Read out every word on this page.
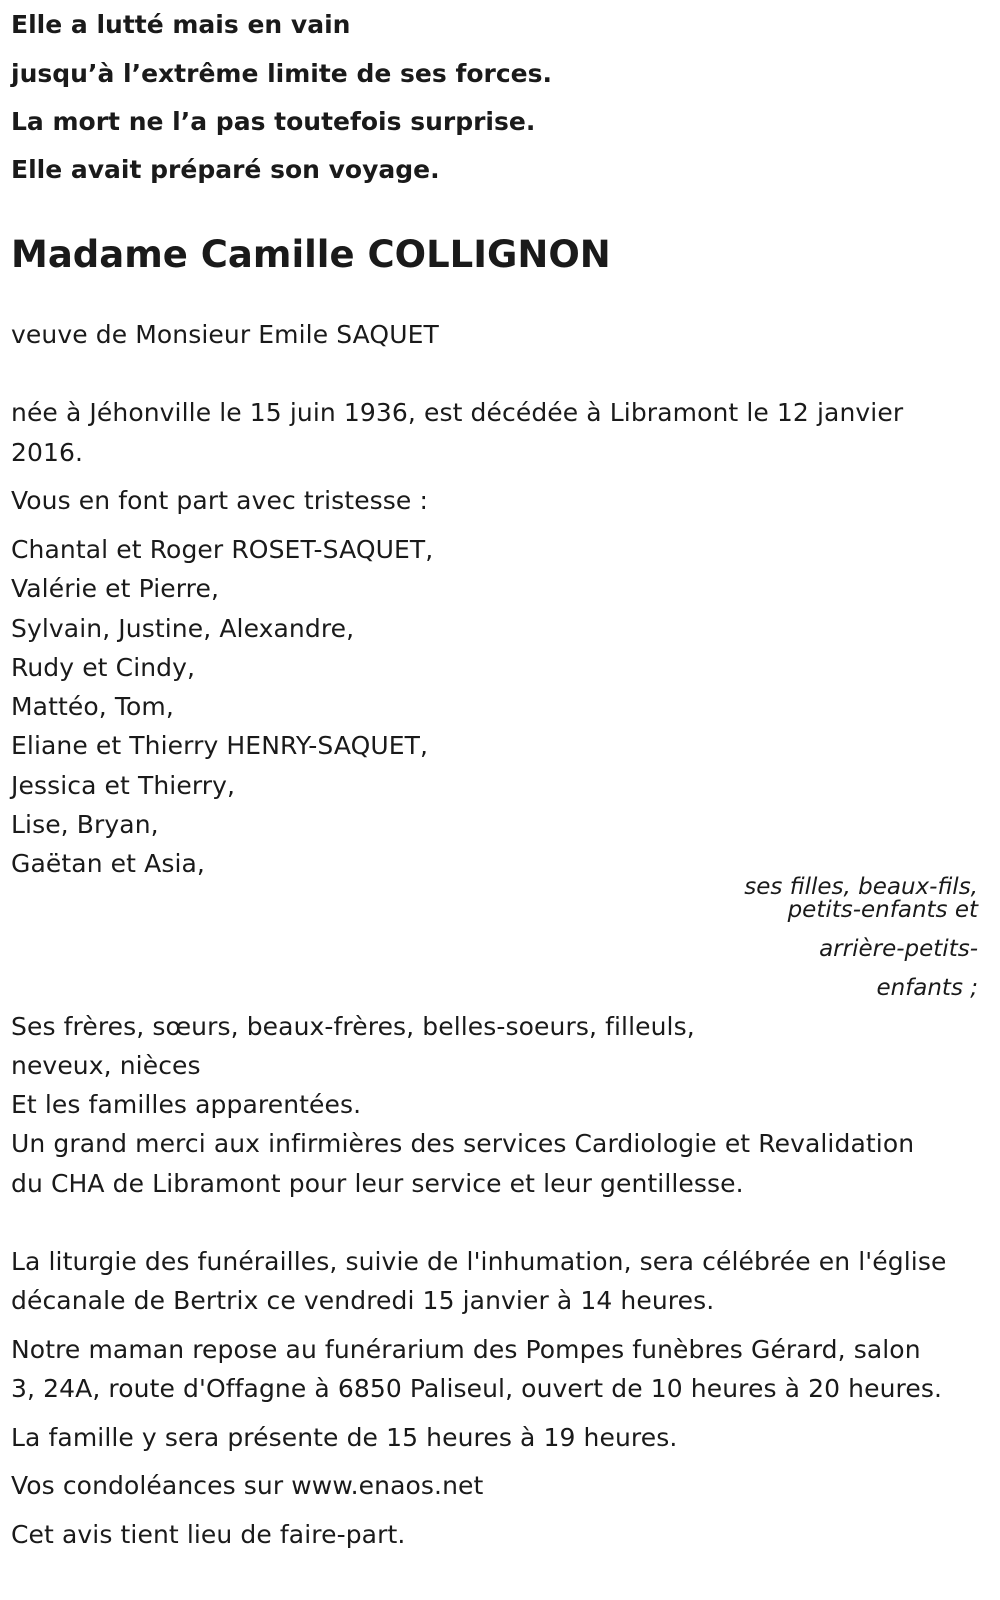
Elle a lutté mais en vain
jusqu’à l’extrême limite de ses forces.
La mort ne l’a pas toutefois surprise.
Elle avait préparé son voyage.
Madame Camille COLLIGNON
veuve de Monsieur Emile SAQUET
née à Jéhonville le 15 juin 1936, est décédée à Libramont le 12 janvier
2016.
Vous en font part avec tristesse :
Chantal et Roger ROSET-SAQUET,
Valérie et Pierre,
Sylvain, Justine, Alexandre,
Rudy et Cindy,
Mattéo, Tom,
Eliane et Thierry HENRY-SAQUET,
Jessica et Thierry,
Lise, Bryan,
Gaëtan et Asia,
ses filles, beaux-fils,
petits-enfants et
arrière-petits-
enfants ;
Ses frères, sœurs, beaux-frères, belles-soeurs, filleuls,
neveux, nièces
Et les familles apparentées.
Un grand merci aux infirmières des services Cardiologie et Revalidation
du CHA de Libramont pour leur service et leur gentillesse.
La liturgie des funérailles, suivie de l'inhumation, sera célébrée en l'église
décanale de Bertrix ce vendredi 15 janvier à 14 heures.
Notre maman repose au funérarium des Pompes funèbres Gérard, salon
3, 24A, route d'Offagne à 6850 Paliseul, ouvert de 10 heures à 20 heures.
La famille y sera présente de 15 heures à 19 heures.
Vos condoléances sur www.enaos.net
Cet avis tient lieu de faire-part.
